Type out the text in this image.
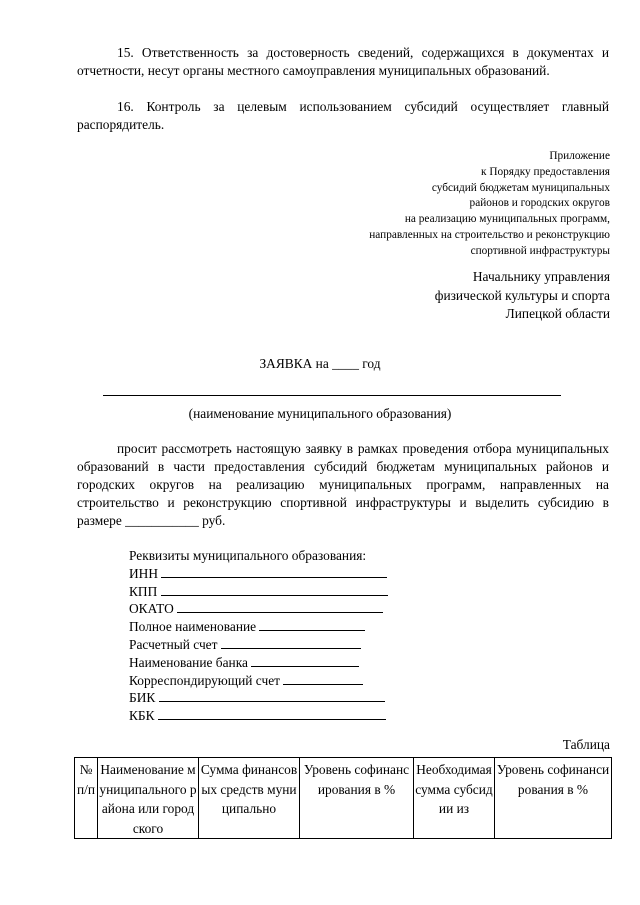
15. Ответственность за достоверность сведений, содержащихся в документах и отчетности, несут органы местного самоуправления муниципальных образований.

16. Контроль за целевым использованием субсидий осуществляет главный распорядитель.

Приложение
к Порядку предоставления
субсидий бюджетам муниципальных
районов и городских округов
на реализацию муниципальных программ,
направленных на строительство и реконструкцию
спортивной инфраструктуры
Начальнику управления
физической культуры и спорта
Липецкой области
ЗАЯВКА на ____ год
(наименование муниципального образования)

просит рассмотреть настоящую заявку в рамках проведения отбора муниципальных образований в части предоставления субсидий бюджетам муниципальных районов и городских округов на реализацию муниципальных программ, направленных на строительство и реконструкцию спортивной инфраструктуры и выделить субсидию в размере ___________ руб.

Реквизиты муниципального образования:
ИНН
КПП
ОКАТО
Полное наименование
Расчетный счет
Наименование банка
Корреспондирующий счет
БИК
КБК
Таблица
№ п/п	Наименование муниципального района или городского	Сумма финансовых средств муниципально	Уровень софинансирования в %	Необходимая сумма субсидии из	Уровень софинансирования в %
